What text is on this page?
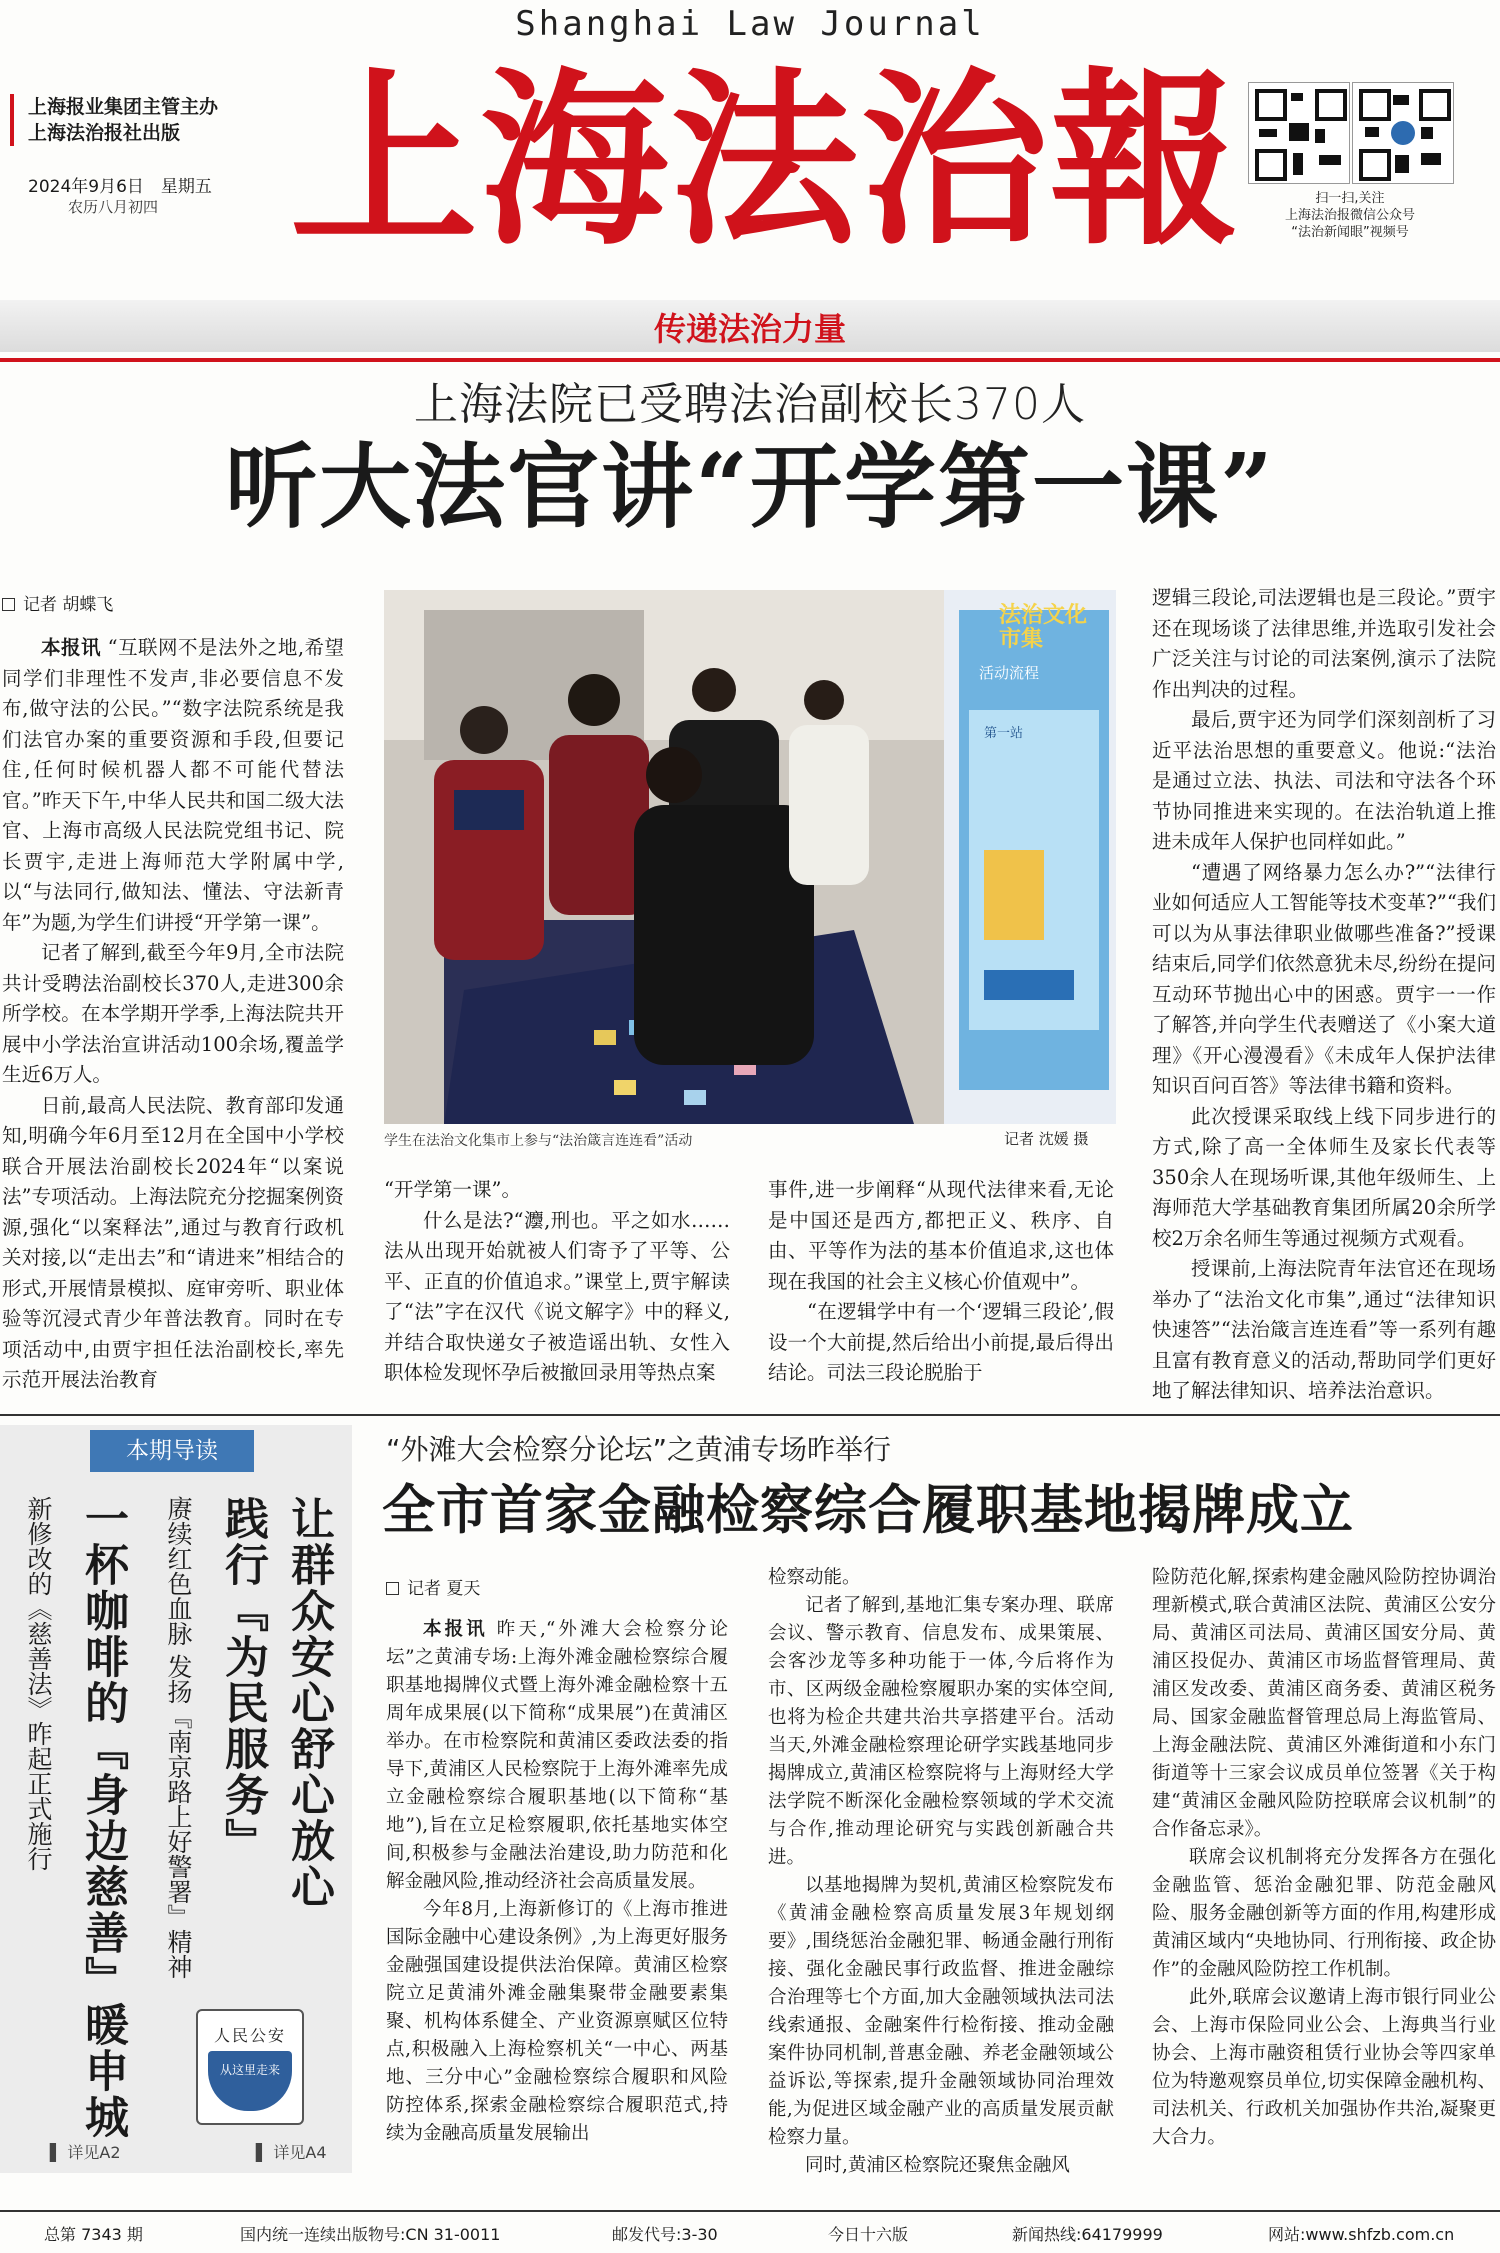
Shanghai Law Journal
上海报业集团主管主办
上海法治报社出版
2024年9月6日　星期五
农历八月初四 上海法治報	扫一扫,关注
上海法治报微信公众号
“法治新闻眼”视频号
传递法治力量
上海法院已受聘法治副校长370人
听大法官讲“开学第一课”
记者 胡蝶飞

本报讯 “互联网不是法外之地,希望同学们非理性不发声,非必要信息不发布,做守法的公民。”“数字法院系统是我们法官办案的重要资源和手段,但要记住,任何时候机器人都不可能代替法官。”昨天下午,中华人民共和国二级大法官、上海市高级人民法院党组书记、院长贾宇,走进上海师范大学附属中学,以“与法同行,做知法、懂法、守法新青年”为题,为学生们讲授“开学第一课”。

记者了解到,截至今年9月,全市法院共计受聘法治副校长370人,走进300余所学校。在本学期开学季,上海法院共开展中小学法治宣讲活动100余场,覆盖学生近6万人。

日前,最高人民法院、教育部印发通知,明确今年6月至12月在全国中小学校联合开展法治副校长2024年“以案说法”专项活动。上海法院充分挖掘案例资源,强化“以案释法”,通过与教育行政机关对接,以“走出去”和“请进来”相结合的形式,开展情景模拟、庭审旁听、职业体验等沉浸式青少年普法教育。同时在专项活动中,由贾宇担任法治副校长,率先示范开展法治教育

法治文化市集
活动流程
第一站
学生在法治文化集市上参与“法治箴言连连看”活动	记者 沈媛 摄

“开学第一课”。

什么是法?“灋,刑也。平之如水……法从出现开始就被人们寄予了平等、公平、正直的价值追求。”课堂上,贾宇解读了“法”字在汉代《说文解字》中的释义,并结合取快递女子被造谣出轨、女性入职体检发现怀孕后被撤回录用等热点案

事件,进一步阐释“从现代法律来看,无论是中国还是西方,都把正义、秩序、自由、平等作为法的基本价值追求,这也体现在我国的社会主义核心价值观中”。

“在逻辑学中有一个‘逻辑三段论’,假设一个大前提,然后给出小前提,最后得出结论。司法三段论脱胎于

逻辑三段论,司法逻辑也是三段论。”贾宇还在现场谈了法律思维,并选取引发社会广泛关注与讨论的司法案例,演示了法院作出判决的过程。

最后,贾宇还为同学们深刻剖析了习近平法治思想的重要意义。他说:“法治是通过立法、执法、司法和守法各个环节协同推进来实现的。在法治轨道上推进未成年人保护也同样如此。”

“遭遇了网络暴力怎么办?”“法律行业如何适应人工智能等技术变革?”“我们可以为从事法律职业做哪些准备?”授课结束后,同学们依然意犹未尽,纷纷在提问互动环节抛出心中的困惑。贾宇一一作了解答,并向学生代表赠送了《小案大道理》《开心漫漫看》《未成年人保护法律知识百问百答》等法律书籍和资料。

此次授课采取线上线下同步进行的方式,除了高一全体师生及家长代表等350余人在现场听课,其他年级师生、上海师范大学基础教育集团所属20余所学校2万余名师生等通过视频方式观看。

授课前,上海法院青年法官还在现场举办了“法治文化市集”,通过“法律知识快速答”“法治箴言连连看”等一系列有趣且富有教育意义的活动,帮助同学们更好地了解法律知识、培养法治意识。

本期导读
让群众安心舒心放心
践行『为民服务』
赓续红色血脉 发扬『南京路上好警署』精神
一杯咖啡的『身边慈善』暖申城
新修改的《慈善法》昨起正式施行
人民公安
从这里走来
▌ 详见A4
▌ 详见A2
“外滩大会检察分论坛”之黄浦专场昨举行
全市首家金融检察综合履职基地揭牌成立
记者 夏天

本报讯 昨天,“外滩大会检察分论坛”之黄浦专场:上海外滩金融检察综合履职基地揭牌仪式暨上海外滩金融检察十五周年成果展(以下简称“成果展”)在黄浦区举办。在市检察院和黄浦区委政法委的指导下,黄浦区人民检察院于上海外滩率先成立金融检察综合履职基地(以下简称“基地”),旨在立足检察履职,依托基地实体空间,积极参与金融法治建设,助力防范和化解金融风险,推动经济社会高质量发展。

今年8月,上海新修订的《上海市推进国际金融中心建设条例》,为上海更好服务金融强国建设提供法治保障。黄浦区检察院立足黄浦外滩金融集聚带金融要素集聚、机构体系健全、产业资源禀赋区位特点,积极融入上海检察机关“一中心、两基地、三分中心”金融检察综合履职和风险防控体系,探索金融检察综合履职范式,持续为金融高质量发展输出

检察动能。

记者了解到,基地汇集专案办理、联席会议、警示教育、信息发布、成果策展、会客沙龙等多种功能于一体,今后将作为市、区两级金融检察履职办案的实体空间,也将为检企共建共治共享搭建平台。活动当天,外滩金融检察理论研学实践基地同步揭牌成立,黄浦区检察院将与上海财经大学法学院不断深化金融检察领域的学术交流与合作,推动理论研究与实践创新融合共进。

以基地揭牌为契机,黄浦区检察院发布《黄浦金融检察高质量发展3年规划纲要》,围绕惩治金融犯罪、畅通金融行刑衔接、强化金融民事行政监督、推进金融综合治理等七个方面,加大金融领域执法司法线索通报、金融案件行检衔接、推动金融案件协同机制,普惠金融、养老金融领域公益诉讼,等探索,提升金融领域协同治理效能,为促进区域金融产业的高质量发展贡献检察力量。

同时,黄浦区检察院还聚焦金融风

险防范化解,探索构建金融风险防控协调治理新模式,联合黄浦区法院、黄浦区公安分局、黄浦区司法局、黄浦区国安分局、黄浦区投促办、黄浦区市场监督管理局、黄浦区发改委、黄浦区商务委、黄浦区税务局、国家金融监督管理总局上海监管局、上海金融法院、黄浦区外滩街道和小东门街道等十三家会议成员单位签署《关于构建“黄浦区金融风险防控联席会议机制”的合作备忘录》。

联席会议机制将充分发挥各方在强化金融监管、惩治金融犯罪、防范金融风险、服务金融创新等方面的作用,构建形成黄浦区域内“央地协同、行刑衔接、政企协作”的金融风险防控工作机制。

此外,联席会议邀请上海市银行同业公会、上海市保险同业公会、上海典当行业协会、上海市融资租赁行业协会等四家单位为特邀观察员单位,切实保障金融机构、司法机关、行政机关加强协作共治,凝聚更大合力。

总第 7343 期	国内统一连续出版物号:CN 31-0011	邮发代号:3-30	今日十六版	新闻热线:64179999	网站:www.shfzb.com.cn
